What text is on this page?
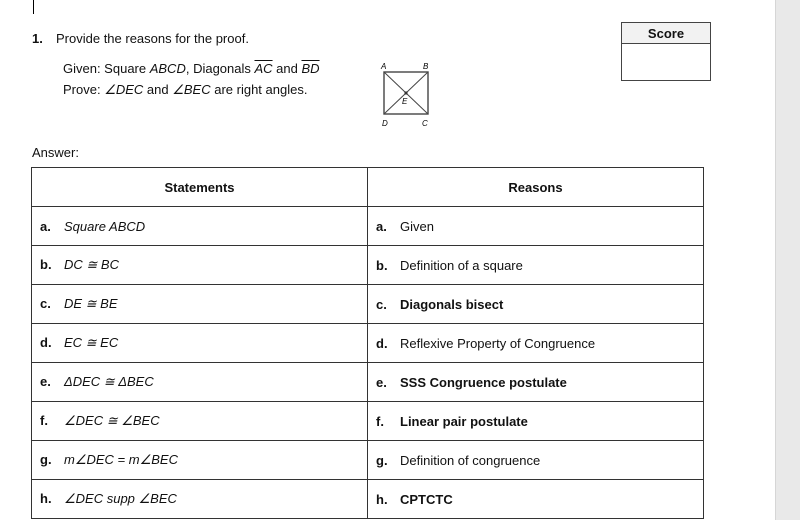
1. Provide the reasons for the proof.
Given: Square ABCD, Diagonals $\overline{AC}$ and $\overline{BD}$
Prove: ∠DEC and ∠BEC are right angles.
A	B
C
D
E
Score
Answer:
Statements	Reasons
a. Square ABCD	a. Given
b. DC ≅ BC	b. Definition of a square
c. DE ≅ BE	c. Diagonals bisect
d. EC ≅ EC	d. Reflexive Property of Congruence
e. ΔDEC ≅ ΔBEC	e. SSS Congruence postulate
f. ∠DEC ≅ ∠BEC	f. Linear pair postulate
g. m∠DEC = m∠BEC	g. Definition of congruence
h. ∠DEC supp ∠BEC	h. CPTCTC
